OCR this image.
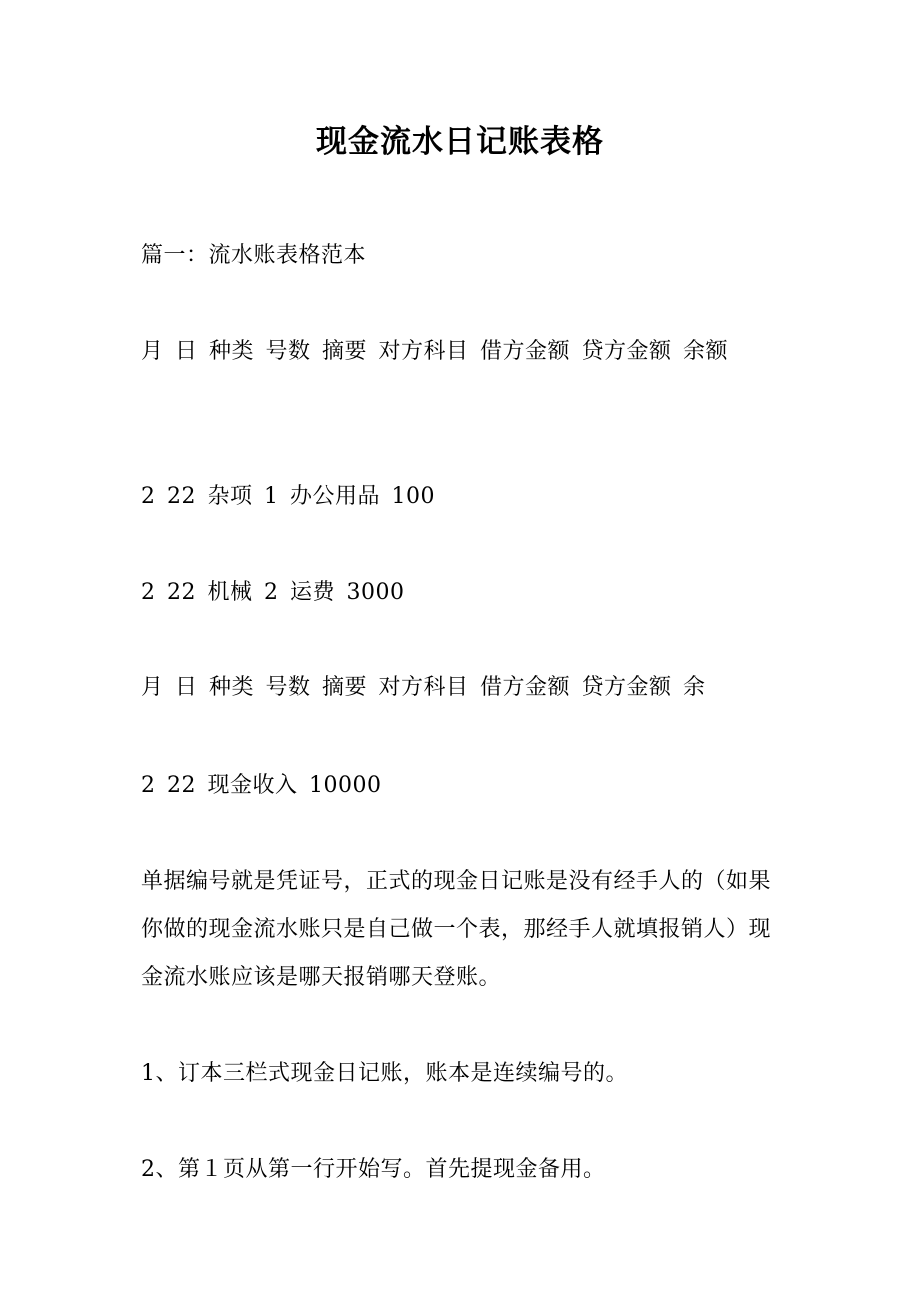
现金流水日记账表格

篇一：流水账表格范本

月 日 种类 号数 摘要 对方科目 借方金额 贷方金额 余额

2 22 杂项 1 办公用品 100

2 22 机械 2 运费 3000

月 日 种类 号数 摘要 对方科目 借方金额 贷方金额 余

2 22 现金收入 10000

单据编号就是凭证号，正式的现金日记账是没有经手人的（如果你做的现金流水账只是自己做一个表，那经手人就填报销人）现金流水账应该是哪天报销哪天登账。

1、订本三栏式现金日记账，账本是连续编号的。

2、第１页从第一行开始写。首先提现金备用。
